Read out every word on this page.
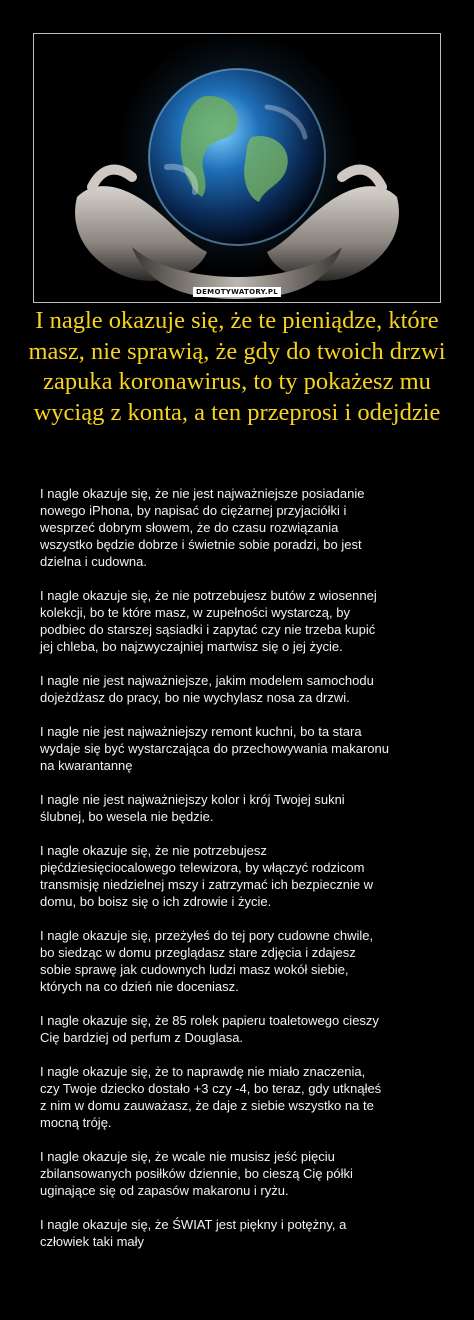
DEMOTYWATORY.PL
I nagle okazuje się, że te pieniądze, które masz, nie sprawią, że gdy do twoich drzwi zapuka koronawirus, to ty pokażesz mu wyciąg z konta, a ten przeprosi i odejdzie

I nagle okazuje się, że nie jest najważniejsze posiadanie
nowego iPhona, by napisać do ciężarnej przyjaciółki i
wesprzeć dobrym słowem, że do czasu rozwiązania
wszystko będzie dobrze i świetnie sobie poradzi, bo jest
dzielna i cudowna.

I nagle okazuje się, że nie potrzebujesz butów z wiosennej
kolekcji, bo te które masz, w zupełności wystarczą, by
podbiec do starszej sąsiadki i zapytać czy nie trzeba kupić
jej chleba, bo najzwyczajniej martwisz się o jej życie.

I nagle nie jest najważniejsze, jakim modelem samochodu
dojeżdżasz do pracy, bo nie wychylasz nosa za drzwi.

I nagle nie jest najważniejszy remont kuchni, bo ta stara
wydaje się być wystarczająca do przechowywania makaronu
na kwarantannę

I nagle nie jest najważniejszy kolor i krój Twojej sukni
ślubnej, bo wesela nie będzie.

I nagle okazuje się, że nie potrzebujesz
pięćdziesięciocalowego telewizora, by włączyć rodzicom
transmisję niedzielnej mszy i zatrzymać ich bezpiecznie w
domu, bo boisz się o ich zdrowie i życie.

I nagle okazuje się, przeżyłeś do tej pory cudowne chwile,
bo siedząc w domu przeglądasz stare zdjęcia i zdajesz
sobie sprawę jak cudownych ludzi masz wokół siebie,
których na co dzień nie doceniasz.

I nagle okazuje się, że 85 rolek papieru toaletowego cieszy
Cię bardziej od perfum z Douglasa.

I nagle okazuje się, że to naprawdę nie miało znaczenia,
czy Twoje dziecko dostało +3 czy -4, bo teraz, gdy utknąłeś
z nim w domu zauważasz, że daje z siebie wszystko na te
mocną tróję.

I nagle okazuje się, że wcale nie musisz jeść pięciu
zbilansowanych posiłków dziennie, bo cieszą Cię półki
uginające się od zapasów makaronu i ryżu.

I nagle okazuje się, że ŚWIAT jest piękny i potężny, a
człowiek taki mały
